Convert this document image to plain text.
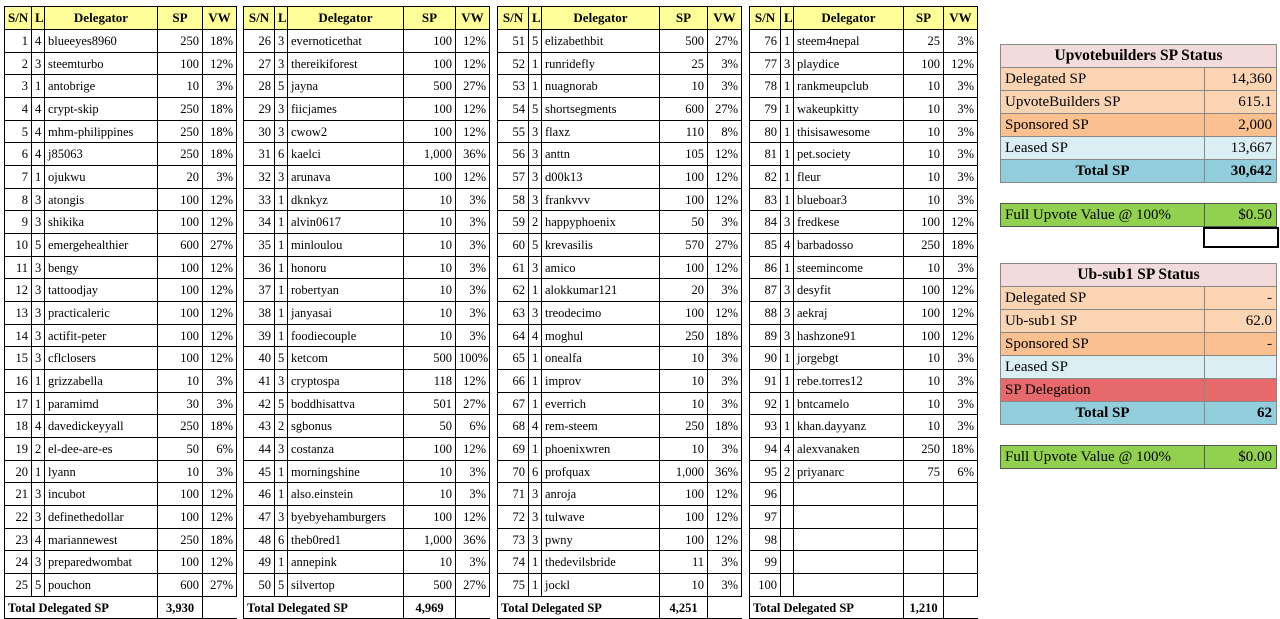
S/N	L	Delegator	SP	VW
1	4	blueeyes8960	250	18%
2	3	steemturbo	100	12%
3	1	antobrige	10	3%
4	4	crypt-skip	250	18%
5	4	mhm-philippines	250	18%
6	4	j85063	250	18%
7	1	ojukwu	20	3%
8	3	atongis	100	12%
9	3	shikika	100	12%
10	5	emergehealthier	600	27%
11	3	bengy	100	12%
12	3	tattoodjay	100	12%
13	3	practicaleric	100	12%
14	3	actifit-peter	100	12%
15	3	cflclosers	100	12%
16	1	grizzabella	10	3%
17	1	paramimd	30	3%
18	4	davedickeyyall	250	18%
19	2	el-dee-are-es	50	6%
20	1	lyann	10	3%
21	3	incubot	100	12%
22	3	definethedollar	100	12%
23	4	mariannewest	250	18%
24	3	preparedwombat	100	12%
25	5	pouchon	600	27%
Total Delegated SP			3,930	
S/N	L	Delegator	SP	VW
26	3	evernoticethat	100	12%
27	3	thereikiforest	100	12%
28	5	jayna	500	27%
29	3	fiicjames	100	12%
30	3	cwow2	100	12%
31	6	kaelci	1,000	36%
32	3	arunava	100	12%
33	1	dknkyz	10	3%
34	1	alvin0617	10	3%
35	1	minloulou	10	3%
36	1	honoru	10	3%
37	1	robertyan	10	3%
38	1	janyasai	10	3%
39	1	foodiecouple	10	3%
40	5	ketcom	500	100%
41	3	cryptospa	118	12%
42	5	boddhisattva	501	27%
43	2	sgbonus	50	6%
44	3	costanza	100	12%
45	1	morningshine	10	3%
46	1	also.einstein	10	3%
47	3	byebyehamburgers	100	12%
48	6	theb0red1	1,000	36%
49	1	annepink	10	3%
50	5	silvertop	500	27%
Total Delegated SP			4,969	
S/N	L	Delegator	SP	VW
51	5	elizabethbit	500	27%
52	1	runridefly	25	3%
53	1	nuagnorab	10	3%
54	5	shortsegments	600	27%
55	3	flaxz	110	8%
56	3	anttn	105	12%
57	3	d00k13	100	12%
58	3	frankvvv	100	12%
59	2	happyphoenix	50	3%
60	5	krevasilis	570	27%
61	3	amico	100	12%
62	1	alokkumar121	20	3%
63	3	treodecimo	100	12%
64	4	moghul	250	18%
65	1	onealfa	10	3%
66	1	improv	10	3%
67	1	everrich	10	3%
68	4	rem-steem	250	18%
69	1	phoenixwren	10	3%
70	6	profquax	1,000	36%
71	3	anroja	100	12%
72	3	tulwave	100	12%
73	3	pwny	100	12%
74	1	thedevilsbride	11	3%
75	1	jockl	10	3%
Total Delegated SP			4,251	
S/N	L	Delegator	SP	VW
76	1	steem4nepal	25	3%
77	3	playdice	100	12%
78	1	rankmeupclub	10	3%
79	1	wakeupkitty	10	3%
80	1	thisisawesome	10	3%
81	1	pet.society	10	3%
82	1	fleur	10	3%
83	1	blueboar3	10	3%
84	3	fredkese	100	12%
85	4	barbadosso	250	18%
86	1	steemincome	10	3%
87	3	desyfit	100	12%
88	3	aekraj	100	12%
89	3	hashzone91	100	12%
90	1	jorgebgt	10	3%
91	1	rebe.torres12	10	3%
92	1	bntcamelo	10	3%
93	1	khan.dayyanz	10	3%
94	4	alexvanaken	250	18%
95	2	priyanarc	75	6%
96				
97				
98				
99				
100				
Total Delegated SP			1,210	
Upvotebuilders SP Status	
Delegated SP	14,360
UpvoteBuilders SP	615.1
Sponsored SP	2,000
Leased SP	13,667
Total SP	30,642
Full Upvote Value @ 100%	$0.50
Ub-sub1 SP Status	
Delegated SP	-
Ub-sub1 SP	62.0
Sponsored SP	-
Leased SP	
SP Delegation	
Total SP	62
Full Upvote Value @ 100%	$0.00
